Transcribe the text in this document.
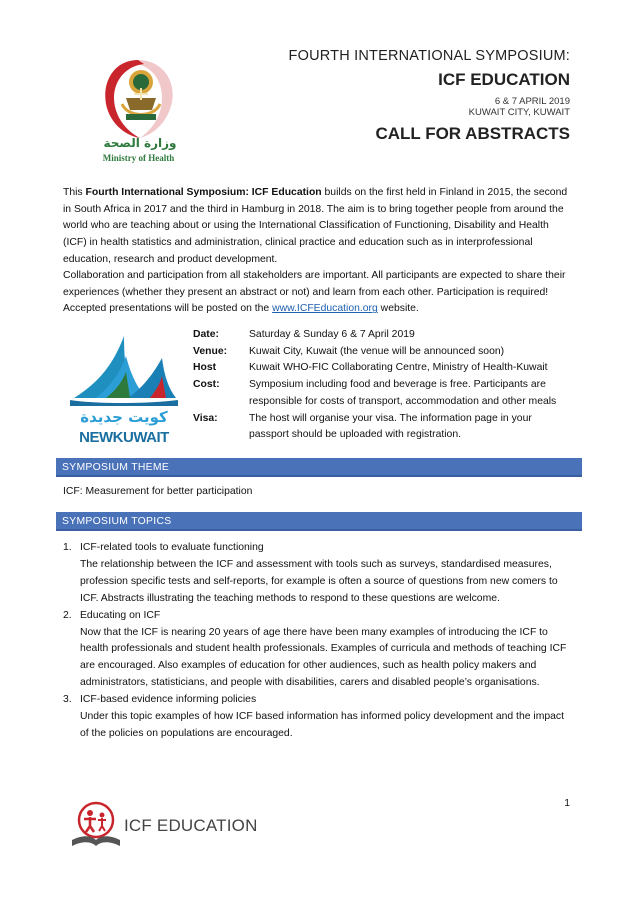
وزارة الصحة
Ministry of Health
FOURTH INTERNATIONAL SYMPOSIUM:
ICF EDUCATION
6 & 7 APRIL 2019
KUWAIT CITY, KUWAIT
CALL FOR ABSTRACTS
This Fourth International Symposium: ICF Education builds on the first held in Finland in 2015, the second in South Africa in 2017 and the third in Hamburg in 2018. The aim is to bring together people from around the world who are teaching about or using the International Classification of Functioning, Disability and Health (ICF) in health statistics and administration, clinical practice and education such as in interprofessional education, research and product development.
Collaboration and participation from all stakeholders are important. All participants are expected to share their experiences (whether they present an abstract or not) and learn from each other. Participation is required! Accepted presentations will be posted on the www.ICFEducation.org website.
كويت جديدة
NEWKUWAIT
Date:	Saturday & Sunday 6 & 7 April 2019
Venue:	Kuwait City, Kuwait (the venue will be announced soon)
Host	Kuwait WHO-FIC Collaborating Centre, Ministry of Health-Kuwait
Cost:	Symposium including food and beverage is free. Participants are responsible for costs of transport, accommodation and other meals
Visa:	The host will organise your visa. The information page in your passport should be uploaded with registration.
SYMPOSIUM THEME
ICF: Measurement for better participation
SYMPOSIUM TOPICS
1. ICF-related tools to evaluate functioning
The relationship between the ICF and assessment with tools such as surveys, standardised measures, profession specific tests and self-reports, for example is often a source of questions from new comers to ICF. Abstracts illustrating the teaching methods to respond to these questions are welcome.
2. Educating on ICF
Now that the ICF is nearing 20 years of age there have been many examples of introducing the ICF to health professionals and student health professionals. Examples of curricula and methods of teaching ICF are encouraged. Also examples of education for other audiences, such as health policy makers and administrators, statisticians, and people with disabilities, carers and disabled people’s organisations.
3. ICF-based evidence informing policies
Under this topic examples of how ICF based information has informed policy development and the impact of the policies on populations are encouraged.
1
ICF EDUCATION
